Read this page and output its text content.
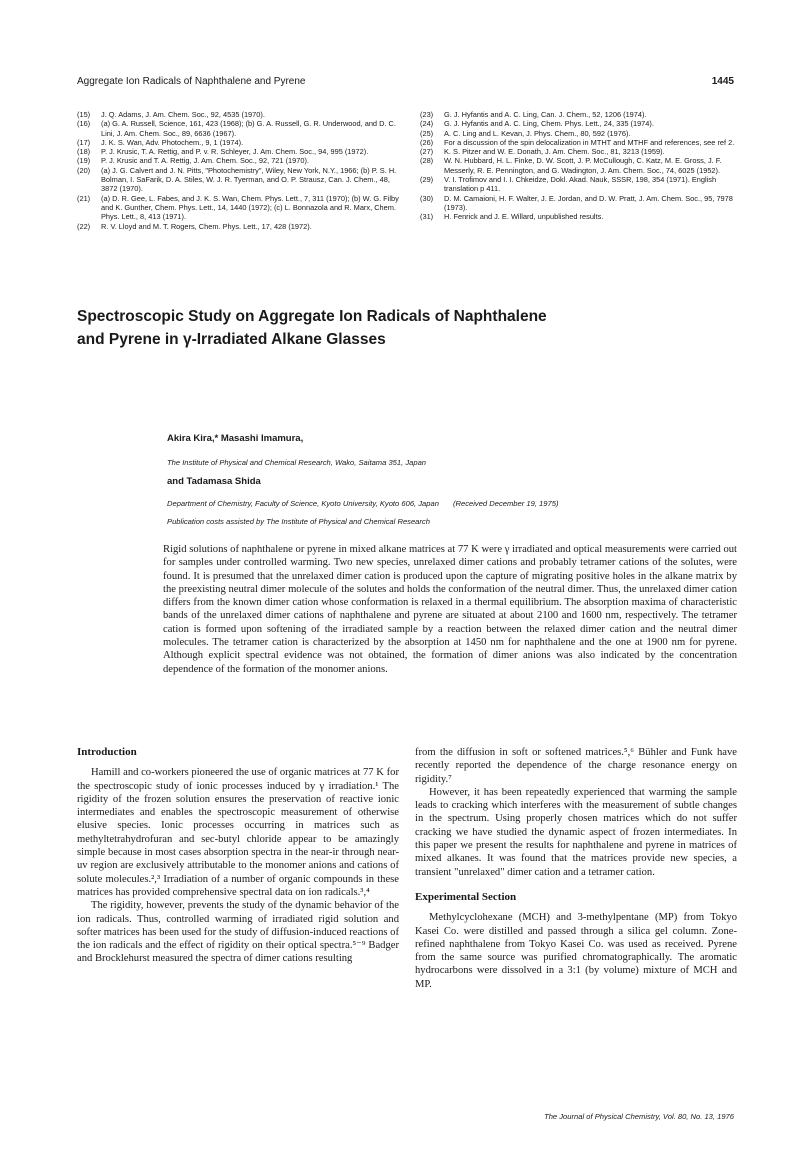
Aggregate Ion Radicals of Naphthalene and Pyrene	1445

(15) J. Q. Adams, J. Am. Chem. Soc., 92, 4535 (1970).

(16) (a) G. A. Russell, Science, 161, 423 (1968); (b) G. A. Russell, G. R. Underwood, and D. C. Lini, J. Am. Chem. Soc., 89, 6636 (1967).

(17) J. K. S. Wan, Adv. Photochem., 9, 1 (1974).

(18) P. J. Krusic, T. A. Rettig, and P. v. R. Schleyer, J. Am. Chem. Soc., 94, 995 (1972).

(19) P. J. Krusic and T. A. Rettig, J. Am. Chem. Soc., 92, 721 (1970).

(20) (a) J. G. Calvert and J. N. Pitts, "Photochemistry", Wiley, New York, N.Y., 1966; (b) P. S. H. Bolman, I. SaFarik, D. A. Stiles, W. J. R. Tyerman, and O. P. Strausz, Can. J. Chem., 48, 3872 (1970).

(21) (a) D. R. Gee, L. Fabes, and J. K. S. Wan, Chem. Phys. Lett., 7, 311 (1970); (b) W. G. Filby and K. Gunther, Chem. Phys. Lett., 14, 1440 (1972); (c) L. Bonnazola and R. Marx, Chem. Phys. Lett., 8, 413 (1971).

(22) R. V. Lloyd and M. T. Rogers, Chem. Phys. Lett., 17, 428 (1972).

(23) G. J. Hyfantis and A. C. Ling, Can. J. Chem., 52, 1206 (1974).

(24) G. J. Hyfantis and A. C. Ling, Chem. Phys. Lett., 24, 335 (1974).

(25) A. C. Ling and L. Kevan, J. Phys. Chem., 80, 592 (1976).

(26) For a discussion of the spin delocalization in MTHT and MTHF and references, see ref 2.

(27) K. S. Pitzer and W. E. Donath, J. Am. Chem. Soc., 81, 3213 (1959).

(28) W. N. Hubbard, H. L. Finke, D. W. Scott, J. P. McCullough, C. Katz, M. E. Gross, J. F. Messerly, R. E. Pennington, and G. Wadington, J. Am. Chem. Soc., 74, 6025 (1952).

(29) V. I. Trofimov and I. I. Chkeidze, Dokl. Akad. Nauk, SSSR, 198, 354 (1971). English translation p 411.

(30) D. M. Camaioni, H. F. Walter, J. E. Jordan, and D. W. Pratt, J. Am. Chem. Soc., 95, 7978 (1973).

(31) H. Fenrick and J. E. Willard, unpublished results.

Spectroscopic Study on Aggregate Ion Radicals of Naphthalene
and Pyrene in γ-Irradiated Alkane Glasses
Akira Kira,* Masashi Imamura,
The Institute of Physical and Chemical Research, Wako, Saitama 351, Japan
and Tadamasa Shida
Department of Chemistry, Faculty of Science, Kyoto University, Kyoto 606, Japan (Received December 19, 1975)
Publication costs assisted by The Institute of Physical and Chemical Research

Rigid solutions of naphthalene or pyrene in mixed alkane matrices at 77 K were γ irradiated and optical measurements were carried out for samples under controlled warming. Two new species, unrelaxed dimer cations and probably tetramer cations of the solutes, were found. It is presumed that the unrelaxed dimer cation is produced upon the capture of migrating positive holes in the alkane matrix by the preexisting neutral dimer molecule of the solutes and holds the conformation of the neutral dimer. Thus, the unrelaxed dimer cation differs from the known dimer cation whose conformation is relaxed in a thermal equilibrium. The absorption maxima of characteristic bands of the unrelaxed dimer cations of naphthalene and pyrene are situated at about 2100 and 1600 nm, respectively. The tetramer cation is formed upon softening of the irradiated sample by a reaction between the relaxed dimer cation and the neutral dimer molecules. The tetramer cation is characterized by the absorption at 1450 nm for naphthalene and the one at 1900 nm for pyrene. Although explicit spectral evidence was not obtained, the formation of dimer anions was also indicated by the concentration dependence of the formation of the monomer anions.

Introduction

Hamill and co-workers pioneered the use of organic matrices at 77 K for the spectroscopic study of ionic processes induced by γ irradiation.¹ The rigidity of the frozen solution ensures the preservation of reactive ionic intermediates and enables the spectroscopic measurement of otherwise elusive species. Ionic processes occurring in matrices such as methyltetrahydrofuran and sec-butyl chloride appear to be amazingly simple because in most cases absorption spectra in the near-ir through near-uv region are exclusively attributable to the monomer anions and cations of solute molecules.²,³ Irradiation of a number of organic compounds in these matrices has provided comprehensive spectral data on ion radicals.³,⁴

The rigidity, however, prevents the study of the dynamic behavior of the ion radicals. Thus, controlled warming of irradiated rigid solution and softer matrices has been used for the study of diffusion-induced reactions of the ion radicals and the effect of rigidity on their optical spectra.⁵⁻⁹ Badger and Brocklehurst measured the spectra of dimer cations resulting

from the diffusion in soft or softened matrices.⁵,⁶ Bühler and Funk have recently reported the dependence of the charge resonance energy on rigidity.⁷

However, it has been repeatedly experienced that warming the sample leads to cracking which interferes with the measurement of subtle changes in the spectrum. Using properly chosen matrices which do not suffer cracking we have studied the dynamic aspect of frozen intermediates. In this paper we present the results for naphthalene and pyrene in matrices of mixed alkanes. It was found that the matrices provide new species, a transient "unrelaxed" dimer cation and a tetramer cation.

Experimental Section

Methylcyclohexane (MCH) and 3-methylpentane (MP) from Tokyo Kasei Co. were distilled and passed through a silica gel column. Zone-refined naphthalene from Tokyo Kasei Co. was used as received. Pyrene from the same source was purified chromatographically. The aromatic hydrocarbons were dissolved in a 3:1 (by volume) mixture of MCH and MP.

The Journal of Physical Chemistry, Vol. 80, No. 13, 1976
